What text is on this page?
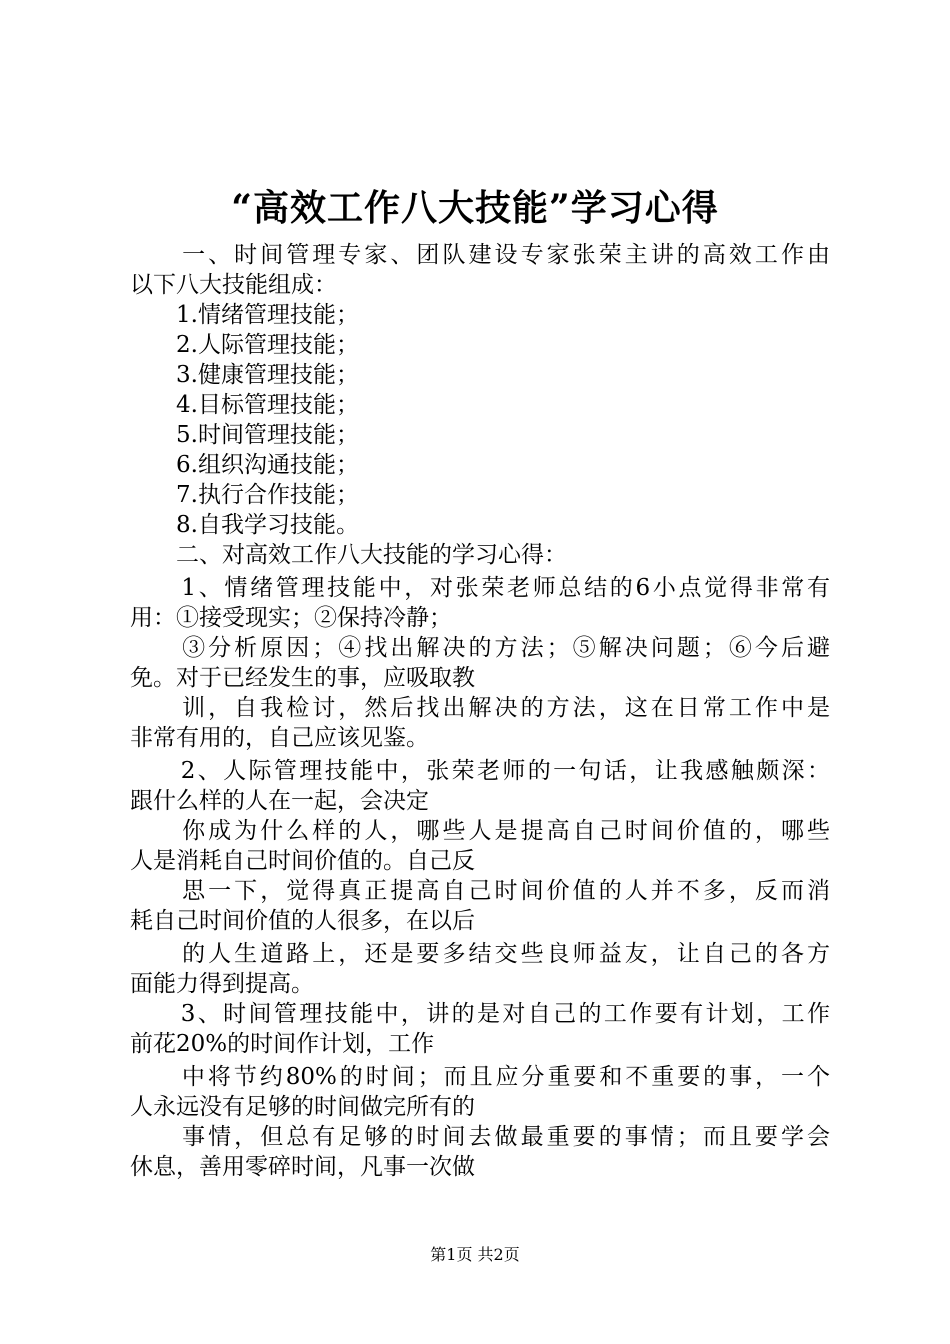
“高效工作八大技能”学习心得
　　一、时间管理专家、团队建设专家张荣主讲的高效工作由
以下八大技能组成：
　　1.情绪管理技能；
　　2.人际管理技能；
　　3.健康管理技能；
　　4.目标管理技能；
　　5.时间管理技能；
　　6.组织沟通技能；
　　7.执行合作技能；
　　8.自我学习技能。
　　二、对高效工作八大技能的学习心得：
　　1、情绪管理技能中，对张荣老师总结的6小点觉得非常有
用：①接受现实；②保持冷静；
　　③分析原因；④找出解决的方法；⑤解决问题；⑥今后避
免。对于已经发生的事，应吸取教
　　训，自我检讨，然后找出解决的方法，这在日常工作中是
非常有用的，自己应该见鉴。
　　2、人际管理技能中，张荣老师的一句话，让我感触颇深：
跟什么样的人在一起，会决定
　　你成为什么样的人，哪些人是提高自己时间价值的，哪些
人是消耗自己时间价值的。自己反
　　思一下，觉得真正提高自己时间价值的人并不多，反而消
耗自己时间价值的人很多，在以后
　　的人生道路上，还是要多结交些良师益友，让自己的各方
面能力得到提高。
　　3、时间管理技能中，讲的是对自己的工作要有计划，工作
前花20%的时间作计划，工作
　　中将节约80%的时间；而且应分重要和不重要的事，一个
人永远没有足够的时间做完所有的
　　事情，但总有足够的时间去做最重要的事情；而且要学会
休息，善用零碎时间，凡事一次做
第1页 共2页
